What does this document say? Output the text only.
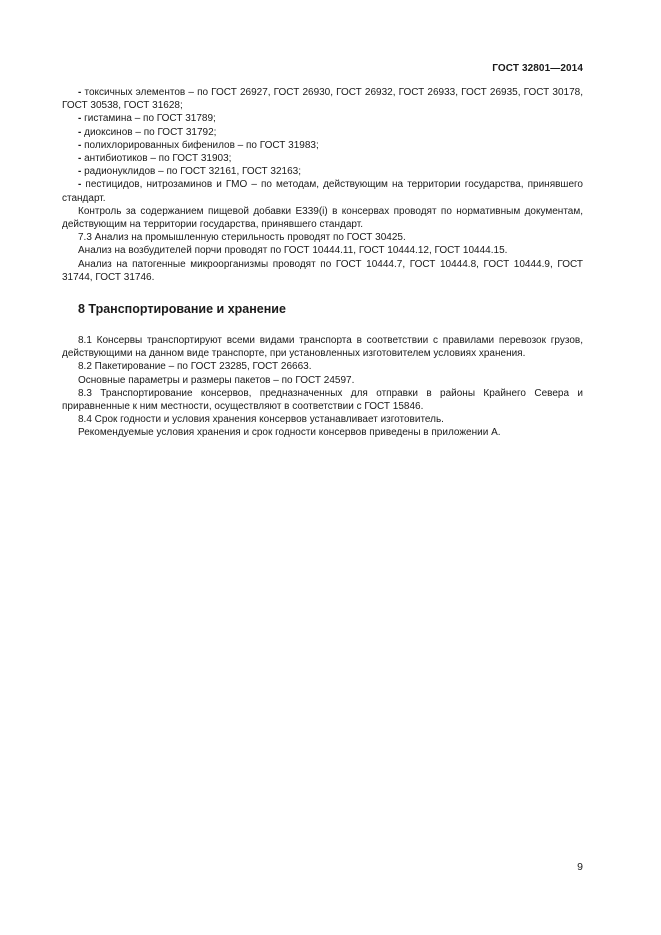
ГОСТ 32801—2014
- токсичных элементов – по ГОСТ 26927, ГОСТ 26930, ГОСТ 26932, ГОСТ 26933, ГОСТ 26935, ГОСТ 30178, ГОСТ 30538, ГОСТ 31628;
- гистамина – по ГОСТ 31789;
- диоксинов – по ГОСТ 31792;
- полихлорированных бифенилов – по ГОСТ 31983;
- антибиотиков – по ГОСТ 31903;
- радионуклидов – по ГОСТ 32161, ГОСТ 32163;
- пестицидов, нитрозаминов и ГМО – по методам, действующим на территории государства, принявшего стандарт.

Контроль за содержанием пищевой добавки Е339(i) в консервах проводят по нормативным документам, действующим на территории государства, принявшего стандарт.

7.3 Анализ на промышленную стерильность проводят по ГОСТ 30425.

Анализ на возбудителей порчи проводят по ГОСТ 10444.11, ГОСТ 10444.12, ГОСТ 10444.15.

Анализ на патогенные микроорганизмы проводят по ГОСТ 10444.7, ГОСТ 10444.8, ГОСТ 10444.9, ГОСТ 31744, ГОСТ 31746.

8 Транспортирование и хранение

8.1 Консервы транспортируют всеми видами транспорта в соответствии с правилами перевозок грузов, действующими на данном виде транспорте, при установленных изготовителем условиях хранения.

8.2 Пакетирование – по ГОСТ 23285, ГОСТ 26663.

Основные параметры и размеры пакетов – по ГОСТ 24597.

8.3 Транспортирование консервов, предназначенных для отправки в районы Крайнего Севера и приравненные к ним местности, осуществляют в соответствии с ГОСТ 15846.

8.4 Срок годности и условия хранения консервов устанавливает изготовитель.

Рекомендуемые условия хранения и срок годности консервов приведены в приложении А.

9
